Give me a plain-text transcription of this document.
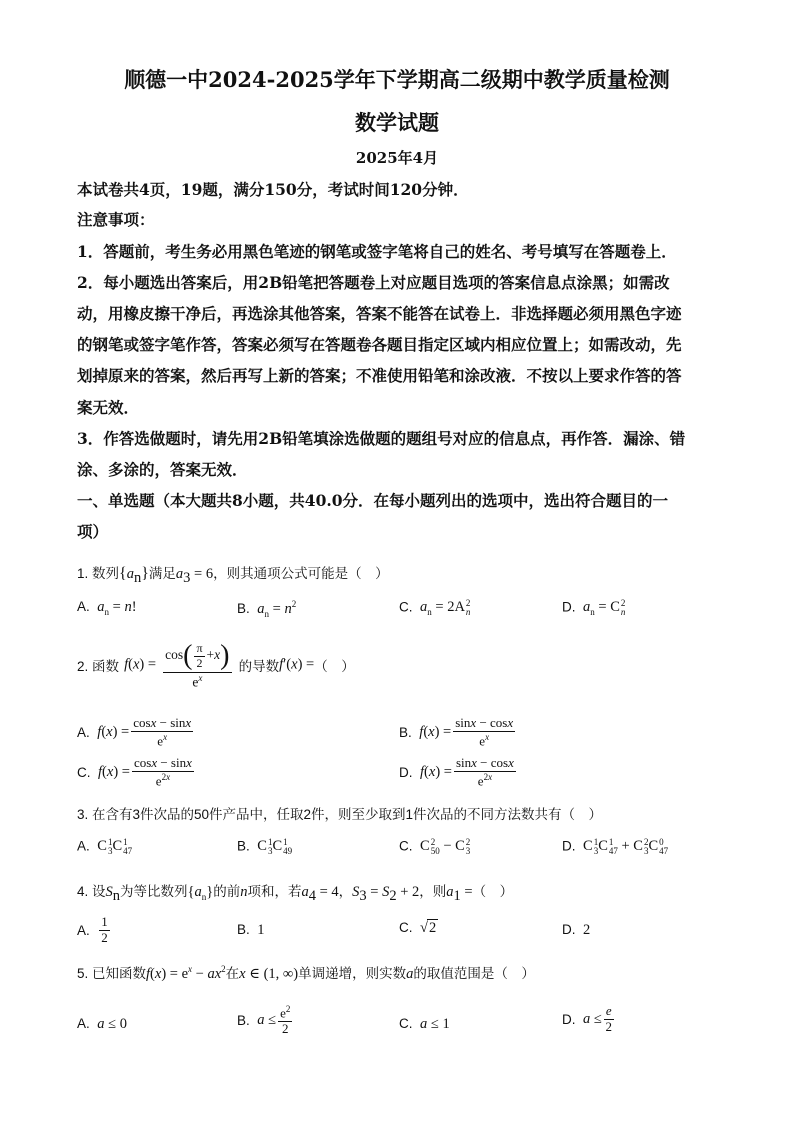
顺德一中2024-2025学年下学期高二级期中教学质量检测
数学试题
2025年4月
本试卷共4页，19题，满分150分，考试时间120分钟．
注意事项：
1．答题前，考生务必用黑色笔迹的钢笔或签字笔将自己的姓名、考号填写在答题卷上．
2．每小题选出答案后，用2B铅笔把答题卷上对应题目选项的答案信息点涂黑；如需改
动，用橡皮擦干净后，再选涂其他答案，答案不能答在试卷上．非选择题必须用黑色字迹
的钢笔或签字笔作答，答案必须写在答题卷各题目指定区域内相应位置上；如需改动，先
划掉原来的答案，然后再写上新的答案；不准使用铅笔和涂改液．不按以上要求作答的答
案无效．
3．作答选做题时，请先用2B铅笔填涂选做题的题组号对应的信息点，再作答．漏涂、错
涂、多涂的，答案无效．
一、单选题（本大题共8小题，共40.0分．在每小题列出的选项中，选出符合题目的一
项）
1. 数列$\{a_n\}$满足$a_3 = 6$，则其通项公式可能是（　）
A. $a_n = n$!	B. $a_n = n^2$	C. $a_n = 2A$ 2
n	D. $a_n = C$ 2
n
2. 函数 $f(x) = \frac{\cos( \frac{\pi}{2} +x)}{e^x}$ 的导数f′(x) =（　）
A. $f(x) = \frac{\cos x - \sin x}{e^x}$	B. $f(x) = \frac{\sin x - \cos x}{e^x}$
C. $f(x) = \frac{\cos x - \sin x}{e^{2x}}$	D. $f(x) = \frac{\sin x - \cos x}{e^{2x}}$
3. 在含有3件次品的50件产品中，任取2件，则至少取到1件次品的不同方法数共有（　）
A. C 1
3 C 1
47	B. C 1
3 C 1
49	C. C 2
50 − C 2
3	D. C 1
3 C 1
47 + C 2
3 C 0
47
4. 设$S_n$为等比数列$\{a_n\}$的前n项和，若$a_4 = 4$，$S_3 = S_2 + 2$，则$a_1$ =（　）
A. $\frac{1}{2}$	B. 1	C. √2	D. 2
5. 已知函数$f(x) = e^x - ax^2$在x ∈ (1, ∞)单调递增，则实数a的取值范围是（　）
A. a ≤ 0	B. $a \le \frac{e^2}{2}$	C. a ≤ 1	D. $a \le \frac{e}{2}$
